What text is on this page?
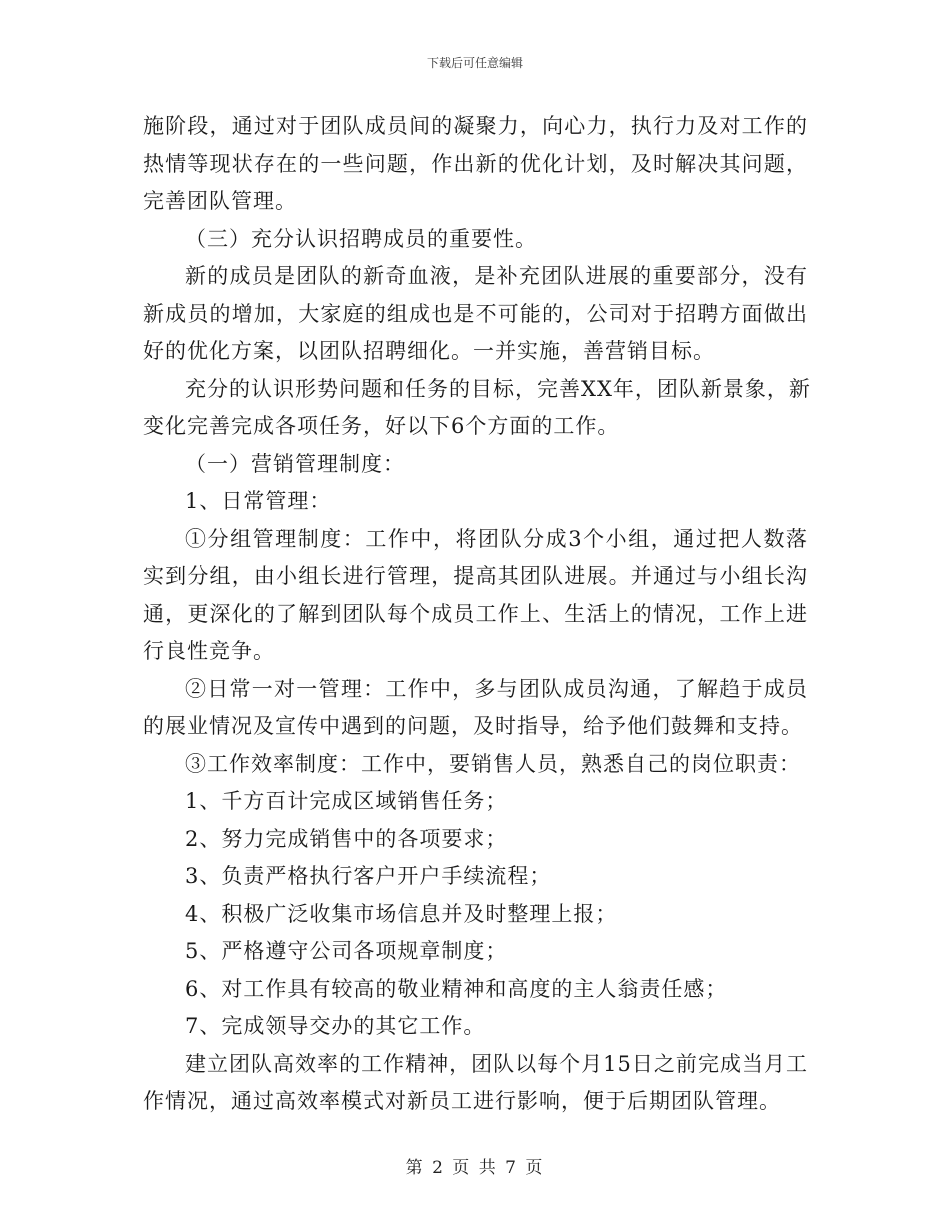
下载后可任意编辑
施阶段，通过对于团队成员间的凝聚力，向心力，执行力及对工作的
热情等现状存在的一些问题，作出新的优化计划，及时解决其问题，
完善团队管理。
（三）充分认识招聘成员的重要性。
新的成员是团队的新奇血液，是补充团队进展的重要部分，没有
新成员的增加，大家庭的组成也是不可能的，公司对于招聘方面做出
好的优化方案，以团队招聘细化。一并实施，善营销目标。
充分的认识形势问题和任务的目标，完善XX年，团队新景象，新
变化完善完成各项任务，好以下6个方面的工作。
（一）营销管理制度：
1、日常管理：
①分组管理制度：工作中，将团队分成3个小组，通过把人数落
实到分组，由小组长进行管理，提高其团队进展。并通过与小组长沟
通，更深化的了解到团队每个成员工作上、生活上的情况，工作上进
行良性竞争。
②日常一对一管理：工作中，多与团队成员沟通，了解趋于成员
的展业情况及宣传中遇到的问题，及时指导，给予他们鼓舞和支持。
③工作效率制度：工作中，要销售人员，熟悉自己的岗位职责：
1、千方百计完成区域销售任务；
2、努力完成销售中的各项要求；
3、负责严格执行客户开户手续流程；
4、积极广泛收集市场信息并及时整理上报；
5、严格遵守公司各项规章制度；
6、对工作具有较高的敬业精神和高度的主人翁责任感；
7、完成领导交办的其它工作。
建立团队高效率的工作精神，团队以每个月15日之前完成当月工
作情况，通过高效率模式对新员工进行影响，便于后期团队管理。
第 2 页 共 7 页
